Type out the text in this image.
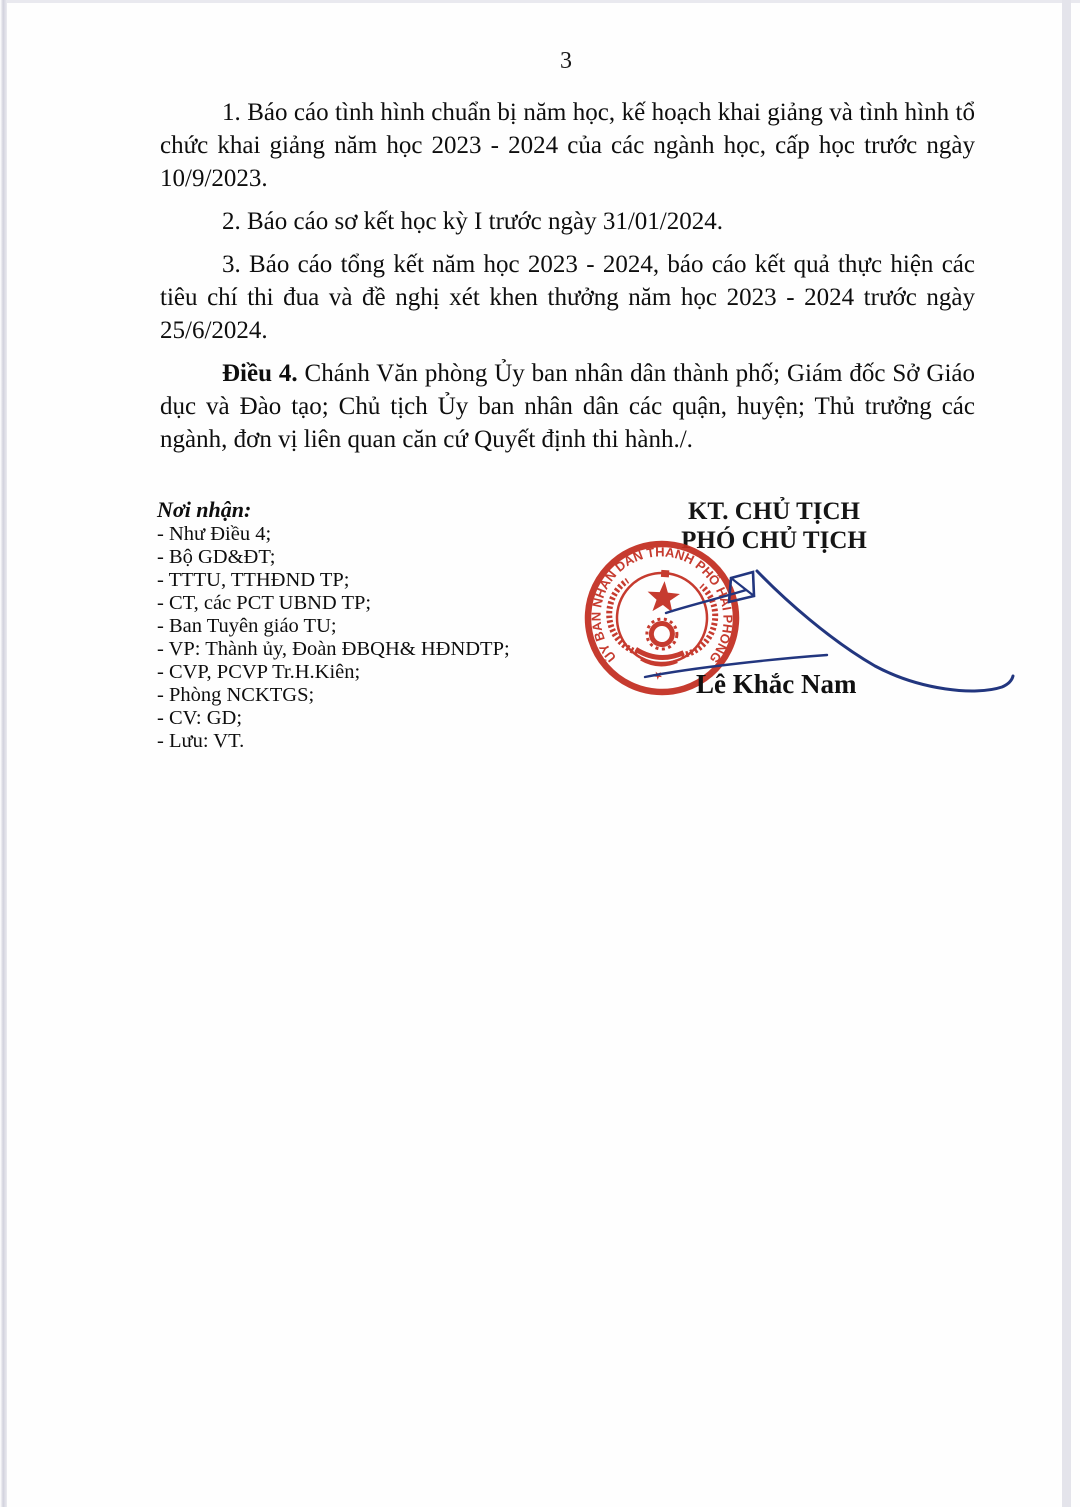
3

1. Báo cáo tình hình chuẩn bị năm học, kế hoạch khai giảng và tình hình tổ chức khai giảng năm học 2023 - 2024 của các ngành học, cấp học trước ngày 10/9/2023.

2. Báo cáo sơ kết học kỳ I trước ngày 31/01/2024.

3. Báo cáo tổng kết năm học 2023 - 2024, báo cáo kết quả thực hiện các tiêu chí thi đua và đề nghị xét khen thưởng năm học 2023 - 2024 trước ngày 25/6/2024.

Điều 4. Chánh Văn phòng Ủy ban nhân dân thành phố; Giám đốc Sở Giáo dục và Đào tạo; Chủ tịch Ủy ban nhân dân các quận, huyện; Thủ trưởng các ngành, đơn vị liên quan căn cứ Quyết định thi hành./.

Nơi nhận:
- Như Điều 4;
- Bộ GD&ĐT;
- TTTU, TTHĐND TP;
- CT, các PCT UBND TP;
- Ban Tuyên giáo TU;
- VP: Thành ủy, Đoàn ĐBQH& HĐNDTP;
- CVP, PCVP Tr.H.Kiên;
- Phòng NCKTGS;
- CV: GD;
- Lưu: VT.
KT. CHỦ TỊCH
PHÓ CHỦ TỊCH
ỦY BAN NHÂN DÂN THÀNH PHỐ HẢI PHÒNG
★ Lê Khắc Nam
